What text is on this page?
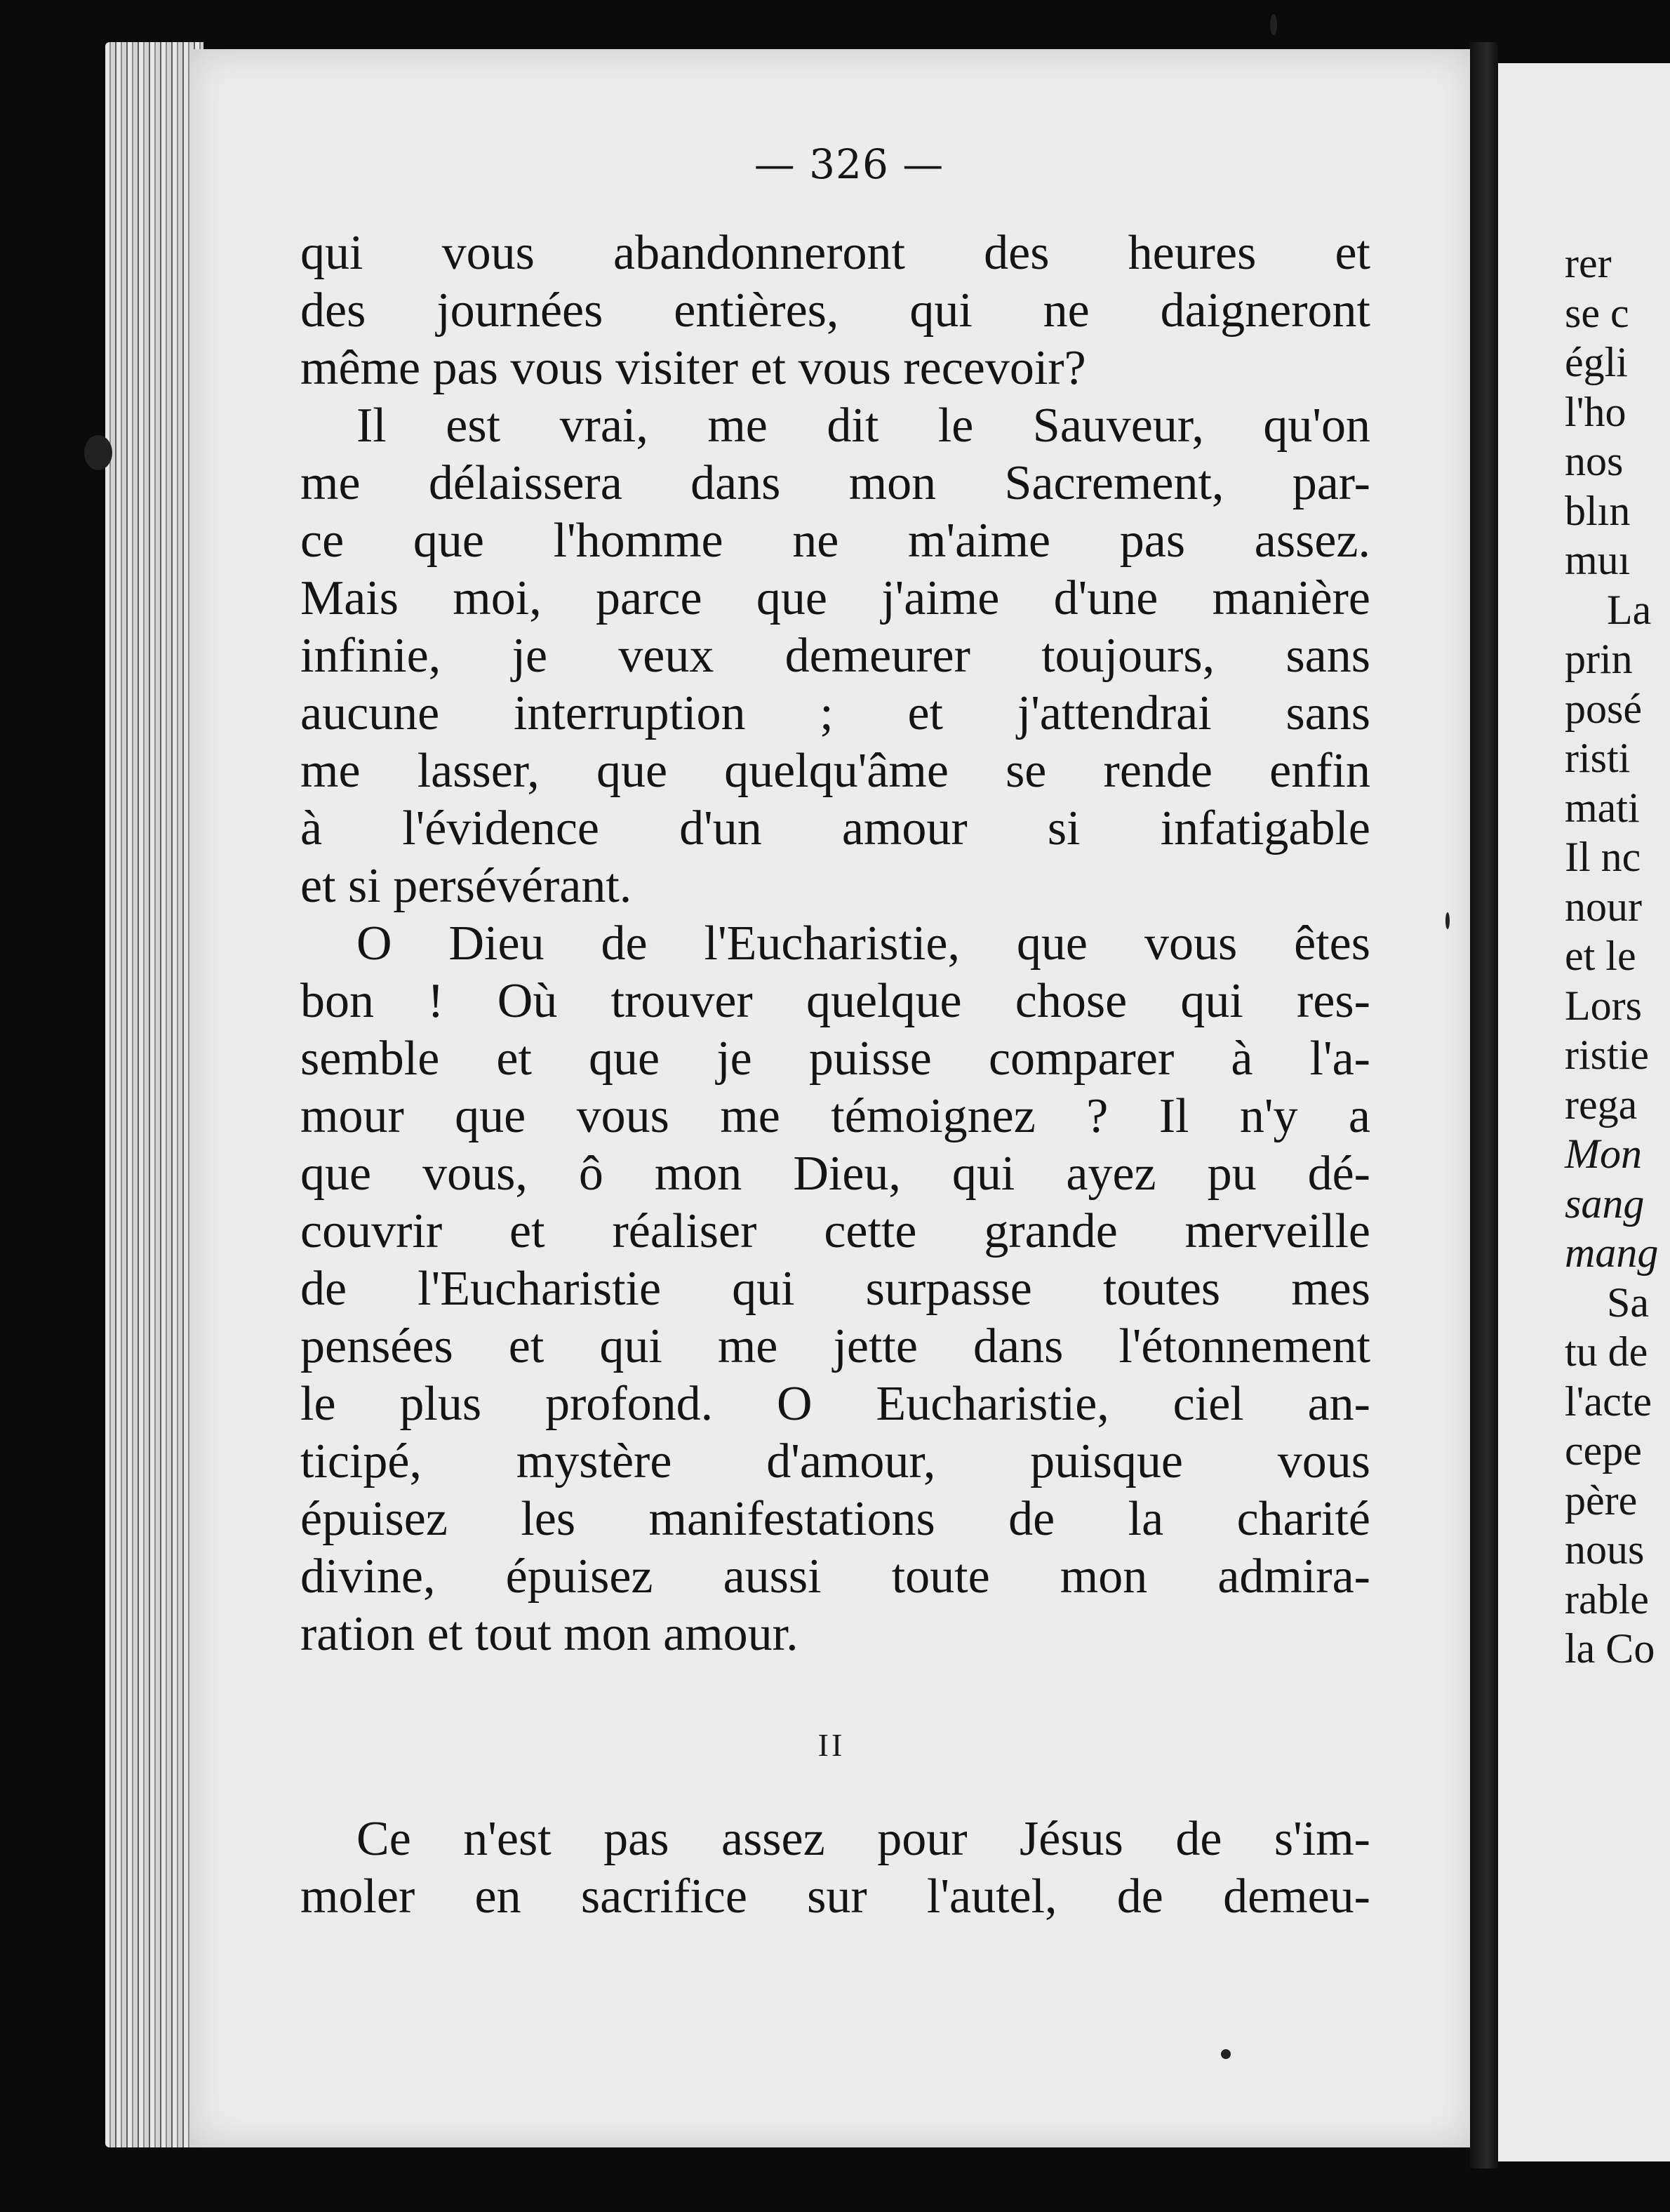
— 326 —
qui vous abandonneront des heures et
des journées entières, qui ne daigneront
même pas vous visiter et vous recevoir?
Il est vrai, me dit le Sauveur, qu'on
me délaissera dans mon Sacrement, par-
ce que l'homme ne m'aime pas assez.
Mais moi, parce que j'aime d'une manière
infinie, je veux demeurer toujours, sans
aucune interruption ; et j'attendrai sans
me lasser, que quelqu'âme se rende enfin
à l'évidence d'un amour si infatigable
et si persévérant.
O Dieu de l'Eucharistie, que vous êtes
bon ! Où trouver quelque chose qui res-
semble et que je puisse comparer à l'a-
mour que vous me témoignez ? Il n'y a
que vous, ô mon Dieu, qui ayez pu dé-
couvrir et réaliser cette grande merveille
de l'Eucharistie qui surpasse toutes mes
pensées et qui me jette dans l'étonnement
le plus profond. O Eucharistie, ciel an-
ticipé, mystère d'amour, puisque vous
épuisez les manifestations de la charité
divine, épuisez aussi toute mon admira-
ration et tout mon amour.
II
Ce n'est pas assez pour Jésus de s'im-
moler en sacrifice sur l'autel, de demeu-
rer
se c
égli
l'ho
nos
blın
muı
La
prin
posé
risti
mati
Il nc
nour
et le
Lors
ristie
rega
Mon
sang
mang
Sa
tu de
l'acte
cepe
père
nous
rable
la Co
